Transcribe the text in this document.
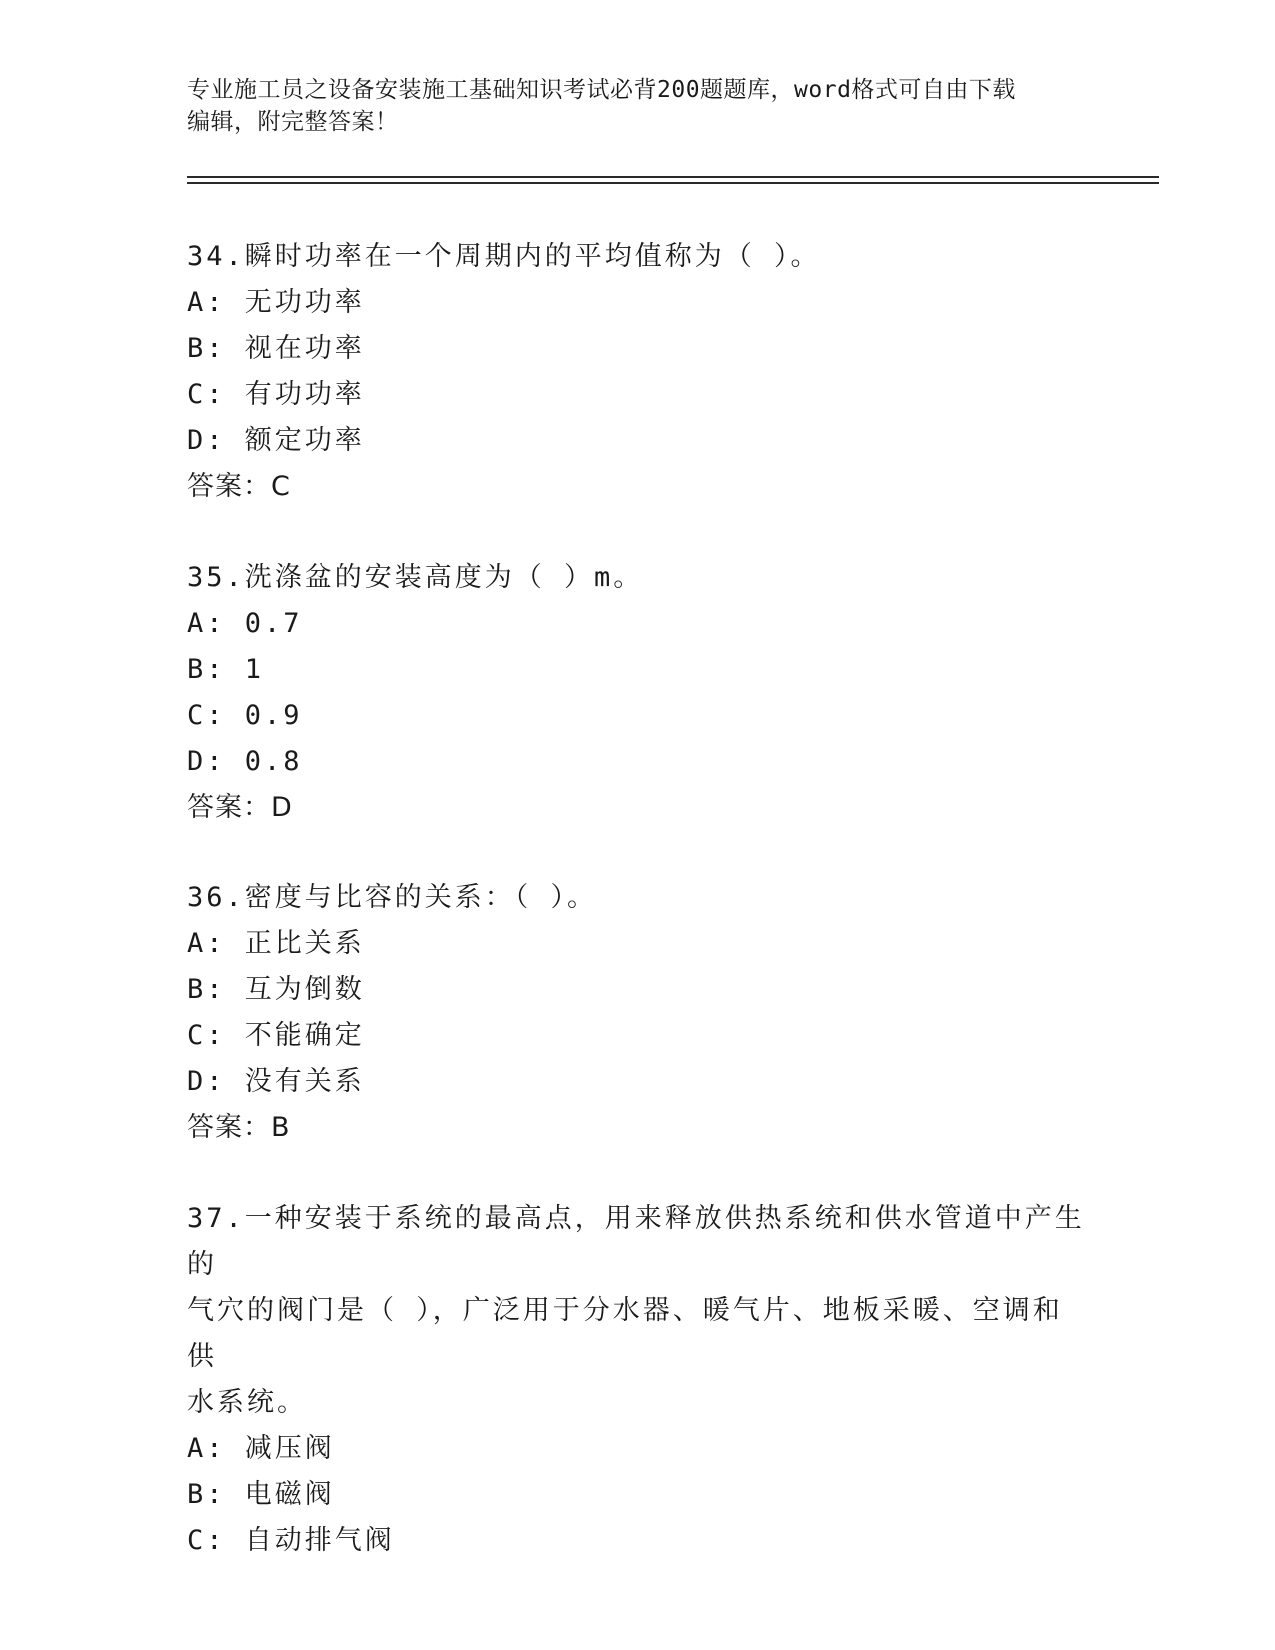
专业施工员之设备安装施工基础知识考试必背200题题库，word格式可自由下载
编辑，附完整答案！
34.瞬时功率在一个周期内的平均值称为（ ）。
A: 无功功率
B: 视在功率
C: 有功功率
D: 额定功率
答案：C
35.洗涤盆的安装高度为（ ）m。
A: 0.7
B: 1
C: 0.9
D: 0.8
答案：D
36.密度与比容的关系：（ ）。
A: 正比关系
B: 互为倒数
C: 不能确定
D: 没有关系
答案：B
37.一种安装于系统的最高点，用来释放供热系统和供水管道中产生的
气穴的阀门是（ ），广泛用于分水器、暖气片、地板采暖、空调和供
水系统。
A: 减压阀
B: 电磁阀
C: 自动排气阀
